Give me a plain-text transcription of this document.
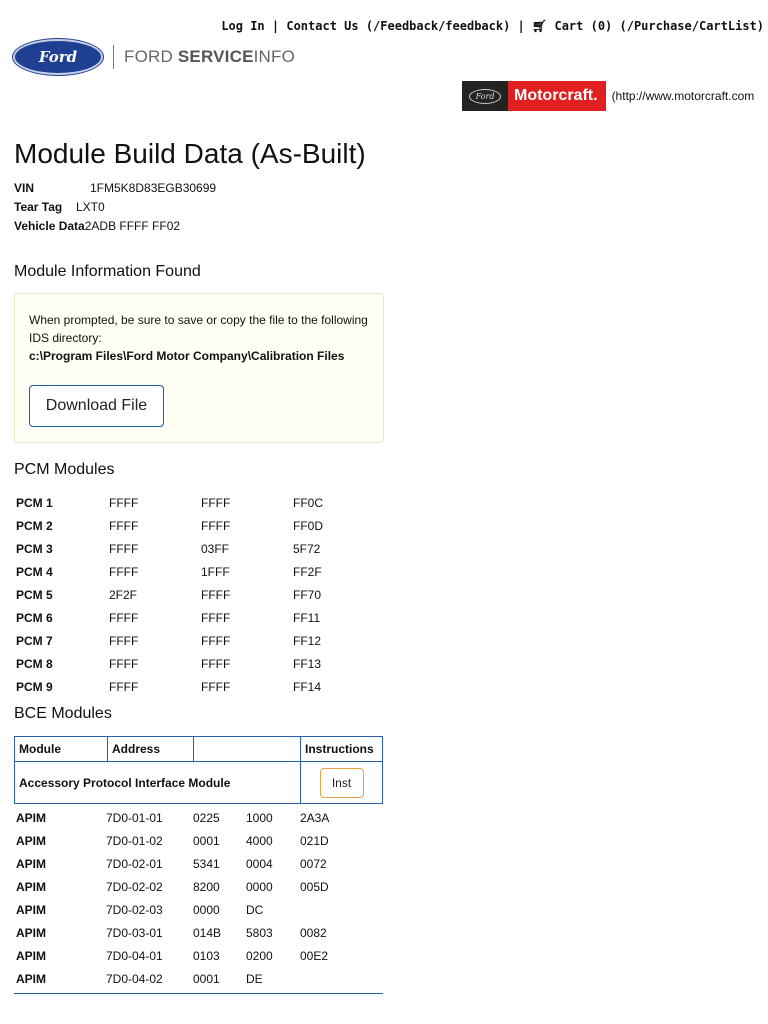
Log In | Contact Us (/Feedback/feedback) | 🛒︎ Cart (0) (/Purchase/CartList)
Ford	FORD SERVICEINFO
Ford	Motorcraft.	(http://www.motorcraft.com
Module Build Data (As-Built)
VIN	1FM5K8D83EGB30699
Tear Tag	LXT0
Vehicle Data 2ADB FFFF FF02
Module Information Found

When prompted, be sure to save or copy the file to the following IDS directory:
c:\Program Files\Ford Motor Company\Calibration Files

Download File
PCM Modules
PCM 1	FFFF	FFFF	FF0C
PCM 2	FFFF	FFFF	FF0D
PCM 3	FFFF	03FF	5F72
PCM 4	FFFF	1FFF	FF2F
PCM 5	2F2F	FFFF	FF70
PCM 6	FFFF	FFFF	FF11
PCM 7	FFFF	FFFF	FF12
PCM 8	FFFF	FFFF	FF13
PCM 9	FFFF	FFFF	FF14
BCE Modules
Module	Address	Instructions
Accessory Protocol Interface Module	Inst
APIM	7D0-01-01	0225	1000	2A3A
APIM	7D0-01-02	0001	4000	021D
APIM	7D0-02-01	5341	0004	0072
APIM	7D0-02-02	8200	0000	005D
APIM	7D0-02-03	0000	DC
APIM	7D0-03-01	014B	5803	0082
APIM	7D0-04-01	0103	0200	00E2
APIM	7D0-04-02	0001	DE
